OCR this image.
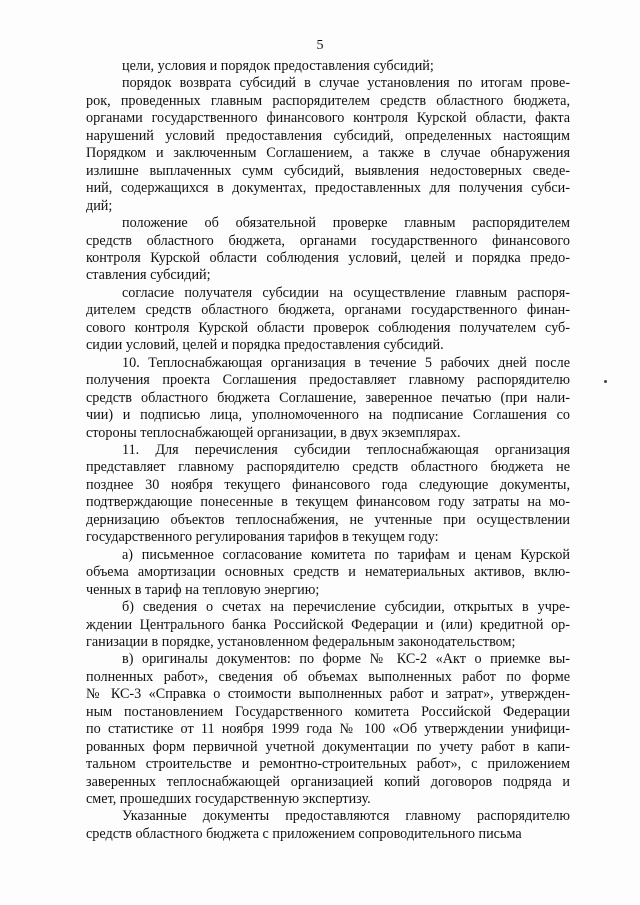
5

цели, условия и порядок предоставления субсидий;

порядок возврата субсидий в случае установления по итогам прове-
рок, проведенных главным распорядителем средств областного бюджета,
органами государственного финансового контроля Курской области, факта
нарушений условий предоставления субсидий, определенных настоящим
Порядком и заключенным Соглашением, а также в случае обнаружения
излишне выплаченных сумм субсидий, выявления недостоверных сведе-
ний, содержащихся в документах, предоставленных для получения субси-
дий;

положение об обязательной проверке главным распорядителем
средств областного бюджета, органами государственного финансового
контроля Курской области соблюдения условий, целей и порядка предо-
ставления субсидий;

согласие получателя субсидии на осуществление главным распоря-
дителем средств областного бюджета, органами государственного финан-
сового контроля Курской области проверок соблюдения получателем суб-
сидии условий, целей и порядка предоставления субсидий.

10. Теплоснабжающая организация в течение 5 рабочих дней после
получения проекта Соглашения предоставляет главному распорядителю
средств областного бюджета Соглашение, заверенное печатью (при нали-
чии) и подписью лица, уполномоченного на подписание Соглашения со
стороны теплоснабжающей организации, в двух экземплярах.

11. Для перечисления субсидии теплоснабжающая организация
представляет главному распорядителю средств областного бюджета не
позднее 30 ноября текущего финансового года следующие документы,
подтверждающие понесенные в текущем финансовом году затраты на мо-
дернизацию объектов теплоснабжения, не учтенные при осуществлении
государственного регулирования тарифов в текущем году:

а) письменное согласование комитета по тарифам и ценам Курской
объема амортизации основных средств и нематериальных активов, вклю-
ченных в тариф на тепловую энергию;

б) сведения о счетах на перечисление субсидии, открытых в учре-
ждении Центрального банка Российской Федерации и (или) кредитной ор-
ганизации в порядке, установленном федеральным законодательством;

в) оригиналы документов: по форме № КС-2 «Акт о приемке вы-
полненных работ», сведения об объемах выполненных работ по форме
№ КС-3 «Справка о стоимости выполненных работ и затрат», утвержден-
ным постановлением Государственного комитета Российской Федерации
по статистике от 11 ноября 1999 года № 100 «Об утверждении унифици-
рованных форм первичной учетной документации по учету работ в капи-
тальном строительстве и ремонтно-строительных работ», с приложением
заверенных теплоснабжающей организацией копий договоров подряда и
смет, прошедших государственную экспертизу.

Указанные документы предоставляются главному распорядителю
средств областного бюджета с приложением сопроводительного письма
